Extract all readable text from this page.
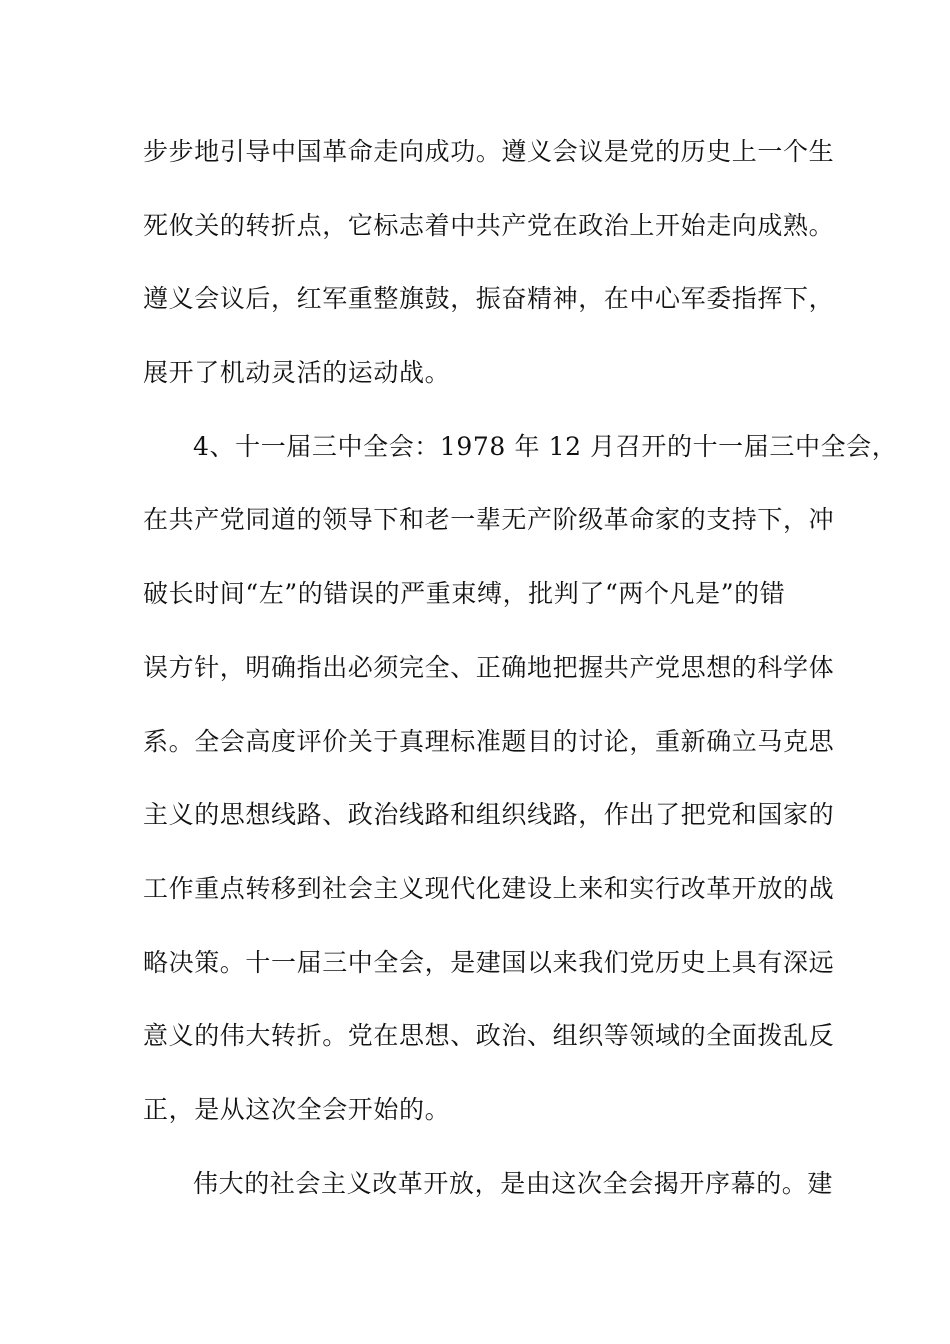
步步地引导中国革命走向成功。遵义会议是党的历史上一个生
死攸关的转折点，它标志着中共产党在政治上开始走向成熟。
遵义会议后，红军重整旗鼓，振奋精神，在中心军委指挥下，
展开了机动灵活的运动战。
4、十一届三中全会：1978 年 12 月召开的十一届三中全会，
在共产党同道的领导下和老一辈无产阶级革命家的支持下，冲
破长时间“左”的错误的严重束缚，批判了“两个凡是”的错
误方针，明确指出必须完全、正确地把握共产党思想的科学体
系。全会高度评价关于真理标准题目的讨论，重新确立马克思
主义的思想线路、政治线路和组织线路，作出了把党和国家的
工作重点转移到社会主义现代化建设上来和实行改革开放的战
略决策。十一届三中全会，是建国以来我们党历史上具有深远
意义的伟大转折。党在思想、政治、组织等领域的全面拨乱反
正，是从这次全会开始的。
伟大的社会主义改革开放，是由这次全会揭开序幕的。建
